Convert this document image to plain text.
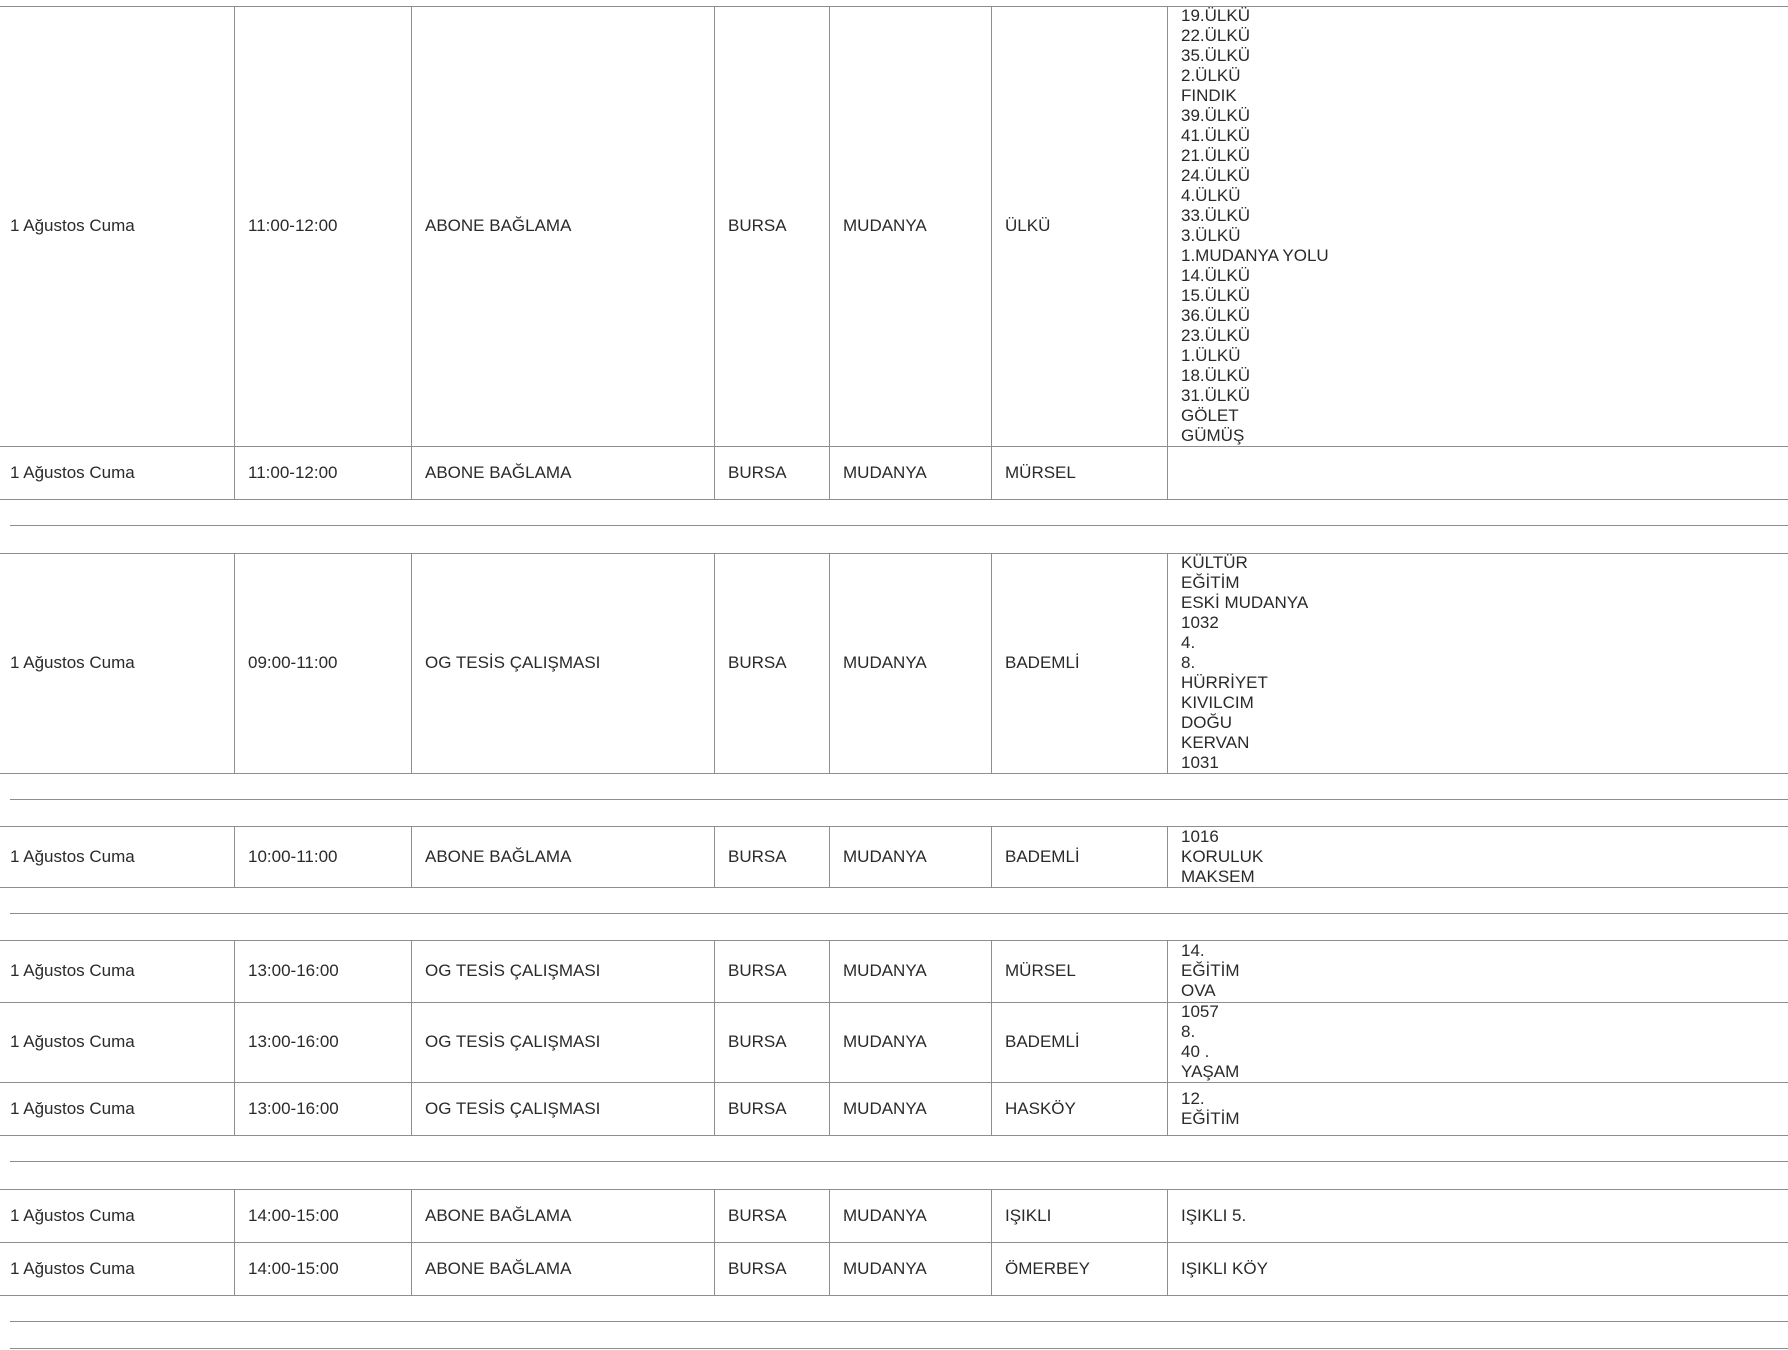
1 Ağustos Cuma	11:00-12:00	ABONE BAĞLAMA	BURSA	MUDANYA	ÜLKÜ
19.ÜLKÜ
22.ÜLKÜ
35.ÜLKÜ
2.ÜLKÜ
FINDIK
39.ÜLKÜ
41.ÜLKÜ
21.ÜLKÜ
24.ÜLKÜ
4.ÜLKÜ
33.ÜLKÜ
3.ÜLKÜ
1.MUDANYA YOLU
14.ÜLKÜ
15.ÜLKÜ
36.ÜLKÜ
23.ÜLKÜ
1.ÜLKÜ
18.ÜLKÜ
31.ÜLKÜ
GÖLET
GÜMÜŞ
1 Ağustos Cuma	11:00-12:00	ABONE BAĞLAMA	BURSA	MUDANYA	MÜRSEL
1 Ağustos Cuma	09:00-11:00	OG TESİS ÇALIŞMASI	BURSA	MUDANYA	BADEMLİ
KÜLTÜR
EĞİTİM
ESKİ MUDANYA
1032
4.
8.
HÜRRİYET
KIVILCIM
DOĞU
KERVAN
1031
1 Ağustos Cuma	10:00-11:00	ABONE BAĞLAMA	BURSA	MUDANYA	BADEMLİ
1016
KORULUK
MAKSEM
1 Ağustos Cuma	13:00-16:00	OG TESİS ÇALIŞMASI	BURSA	MUDANYA	MÜRSEL
14.
EĞİTİM
OVA
1 Ağustos Cuma	13:00-16:00	OG TESİS ÇALIŞMASI	BURSA	MUDANYA	BADEMLİ
1057
8.
40 .
YAŞAM
1 Ağustos Cuma	13:00-16:00	OG TESİS ÇALIŞMASI	BURSA	MUDANYA	HASKÖY
12.
EĞİTİM
1 Ağustos Cuma	14:00-15:00	ABONE BAĞLAMA	BURSA	MUDANYA	IŞIKLI	IŞIKLI 5.
1 Ağustos Cuma	14:00-15:00	ABONE BAĞLAMA	BURSA	MUDANYA	ÖMERBEY	IŞIKLI KÖY
